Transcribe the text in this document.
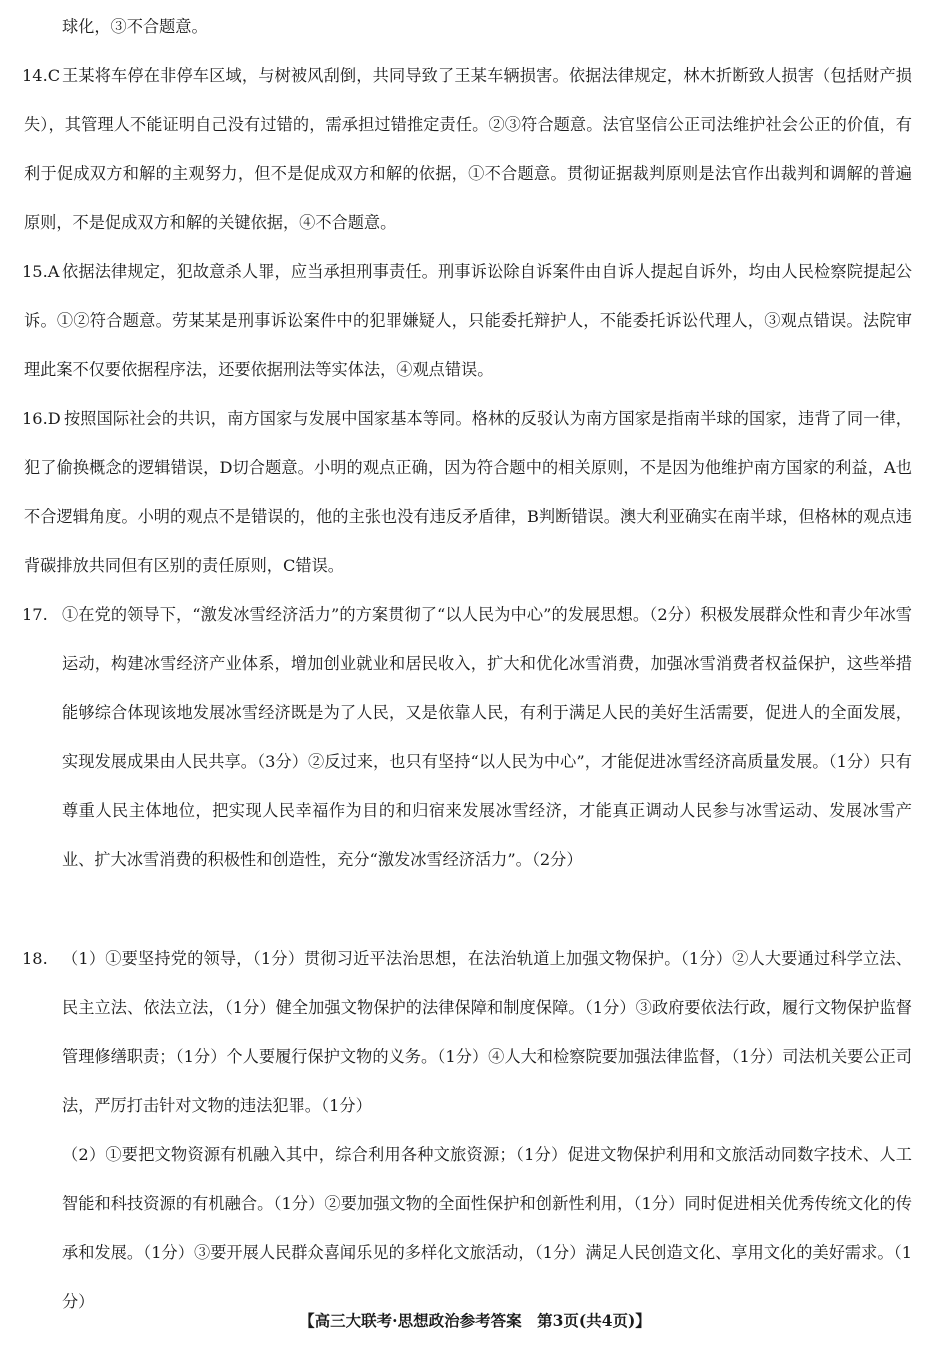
球化，③不合题意。
14.C 王某将车停在非停车区域，与树被风刮倒，共同导致了王某车辆损害。依据法律规定，林木折断致人损害（包括财产损失），其管理人不能证明自己没有过错的，需承担过错推定责任。②③符合题意。法官坚信公正司法维护社会公正的价值，有利于促成双方和解的主观努力，但不是促成双方和解的依据，①不合题意。贯彻证据裁判原则是法官作出裁判和调解的普遍原则，不是促成双方和解的关键依据，④不合题意。
15.A 依据法律规定，犯故意杀人罪，应当承担刑事责任。刑事诉讼除自诉案件由自诉人提起自诉外，均由人民检察院提起公诉。①②符合题意。劳某某是刑事诉讼案件中的犯罪嫌疑人，只能委托辩护人，不能委托诉讼代理人，③观点错误。法院审理此案不仅要依据程序法，还要依据刑法等实体法，④观点错误。
16.D 按照国际社会的共识，南方国家与发展中国家基本等同。格林的反驳认为南方国家是指南半球的国家，违背了同一律，犯了偷换概念的逻辑错误，D切合题意。小明的观点正确，因为符合题中的相关原则，不是因为他维护南方国家的利益，A也不合逻辑角度。小明的观点不是错误的，他的主张也没有违反矛盾律，B判断错误。澳大利亚确实在南半球，但格林的观点违背碳排放共同但有区别的责任原则，C错误。
17. ①在党的领导下，“激发冰雪经济活力”的方案贯彻了“以人民为中心”的发展思想。（2分）积极发展群众性和青少年冰雪运动，构建冰雪经济产业体系，增加创业就业和居民收入，扩大和优化冰雪消费，加强冰雪消费者权益保护，这些举措能够综合体现该地发展冰雪经济既是为了人民，又是依靠人民，有利于满足人民的美好生活需要，促进人的全面发展，实现发展成果由人民共享。（3分）②反过来，也只有坚持“以人民为中心”，才能促进冰雪经济高质量发展。（1分）只有尊重人民主体地位，把实现人民幸福作为目的和归宿来发展冰雪经济，才能真正调动人民参与冰雪运动、发展冰雪产业、扩大冰雪消费的积极性和创造性，充分“激发冰雪经济活力”。（2分）
18. （1）①要坚持党的领导，（1分）贯彻习近平法治思想，在法治轨道上加强文物保护。（1分）②人大要通过科学立法、民主立法、依法立法，（1分）健全加强文物保护的法律保障和制度保障。（1分）③政府要依法行政，履行文物保护监督管理修缮职责；（1分）个人要履行保护文物的义务。（1分）④人大和检察院要加强法律监督，（1分）司法机关要公正司法，严厉打击针对文物的违法犯罪。（1分）
（2）①要把文物资源有机融入其中，综合利用各种文旅资源；（1分）促进文物保护利用和文旅活动同数字技术、人工智能和科技资源的有机融合。（1分）②要加强文物的全面性保护和创新性利用，（1分）同时促进相关优秀传统文化的传承和发展。（1分）③要开展人民群众喜闻乐见的多样化文旅活动，（1分）满足人民创造文化、享用文化的美好需求。（1分）
【高三大联考·思想政治参考答案　第3页(共4页)】
